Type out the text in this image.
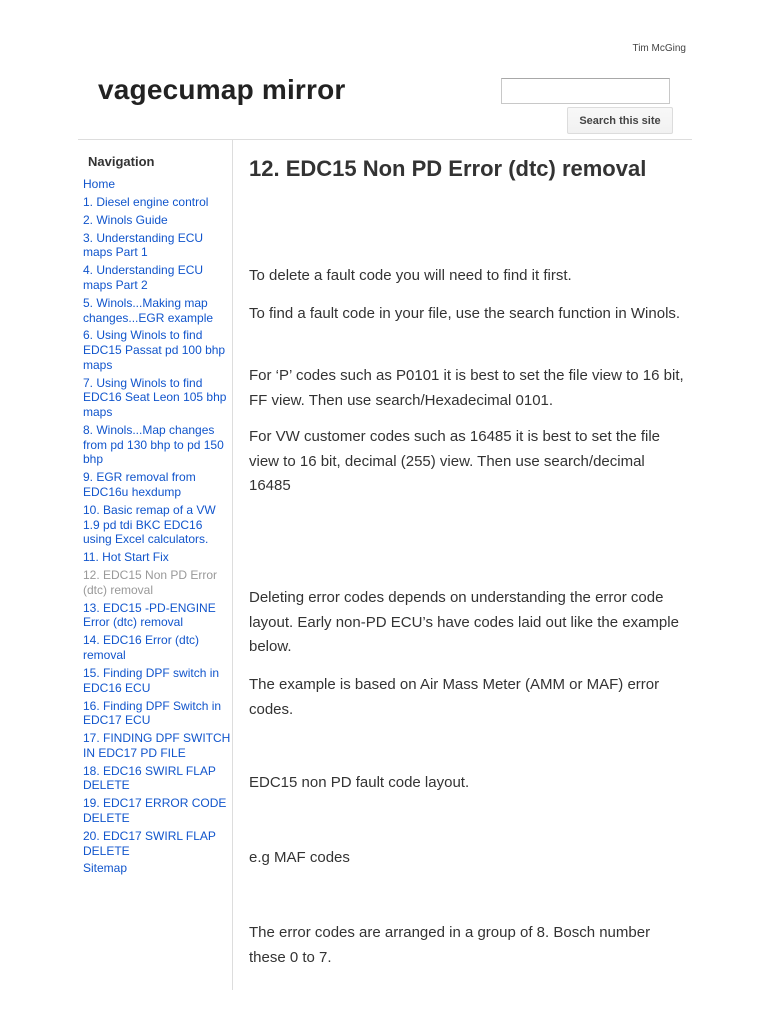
Tim McGing
vagecumap mirror
Search this site
Navigation
Home
1. Diesel engine control
2. Winols Guide
3. Understanding ECU maps Part 1
4. Understanding ECU maps Part 2
5. Winols...Making map changes...EGR example
6. Using Winols to find EDC15 Passat pd 100 bhp maps
7. Using Winols to find EDC16 Seat Leon 105 bhp maps
8. Winols...Map changes from pd 130 bhp to pd 150 bhp
9. EGR removal from EDC16u hexdump
10. Basic remap of a VW 1.9 pd tdi BKC EDC16 using Excel calculators.
11. Hot Start Fix
12. EDC15 Non PD Error (dtc) removal
13. EDC15 -PD-ENGINE Error (dtc) removal
14. EDC16 Error (dtc) removal
15. Finding DPF switch in EDC16 ECU
16. Finding DPF Switch in EDC17 ECU
17. FINDING DPF SWITCH IN EDC17 PD FILE
18. EDC16 SWIRL FLAP DELETE
19. EDC17 ERROR CODE DELETE
20. EDC17 SWIRL FLAP DELETE
Sitemap
12. EDC15 Non PD Error (dtc) removal

To delete a fault code you will need to find it first.

To find a fault code in your file, use the search function in Winols.

For ‘P’ codes such as P0101 it is best to set the file view to 16 bit, FF view. Then use search/Hexadecimal 0101.

For VW customer codes such as 16485 it is best to set the file view to 16 bit, decimal (255) view. Then use search/decimal 16485

Deleting error codes depends on understanding the error code layout. Early non-PD ECU’s have codes laid out like the example below.

The example is based on Air Mass Meter (AMM or MAF) error codes.

EDC15 non PD fault code layout.

e.g MAF codes

The error codes are arranged in a group of 8. Bosch number these 0 to 7.
